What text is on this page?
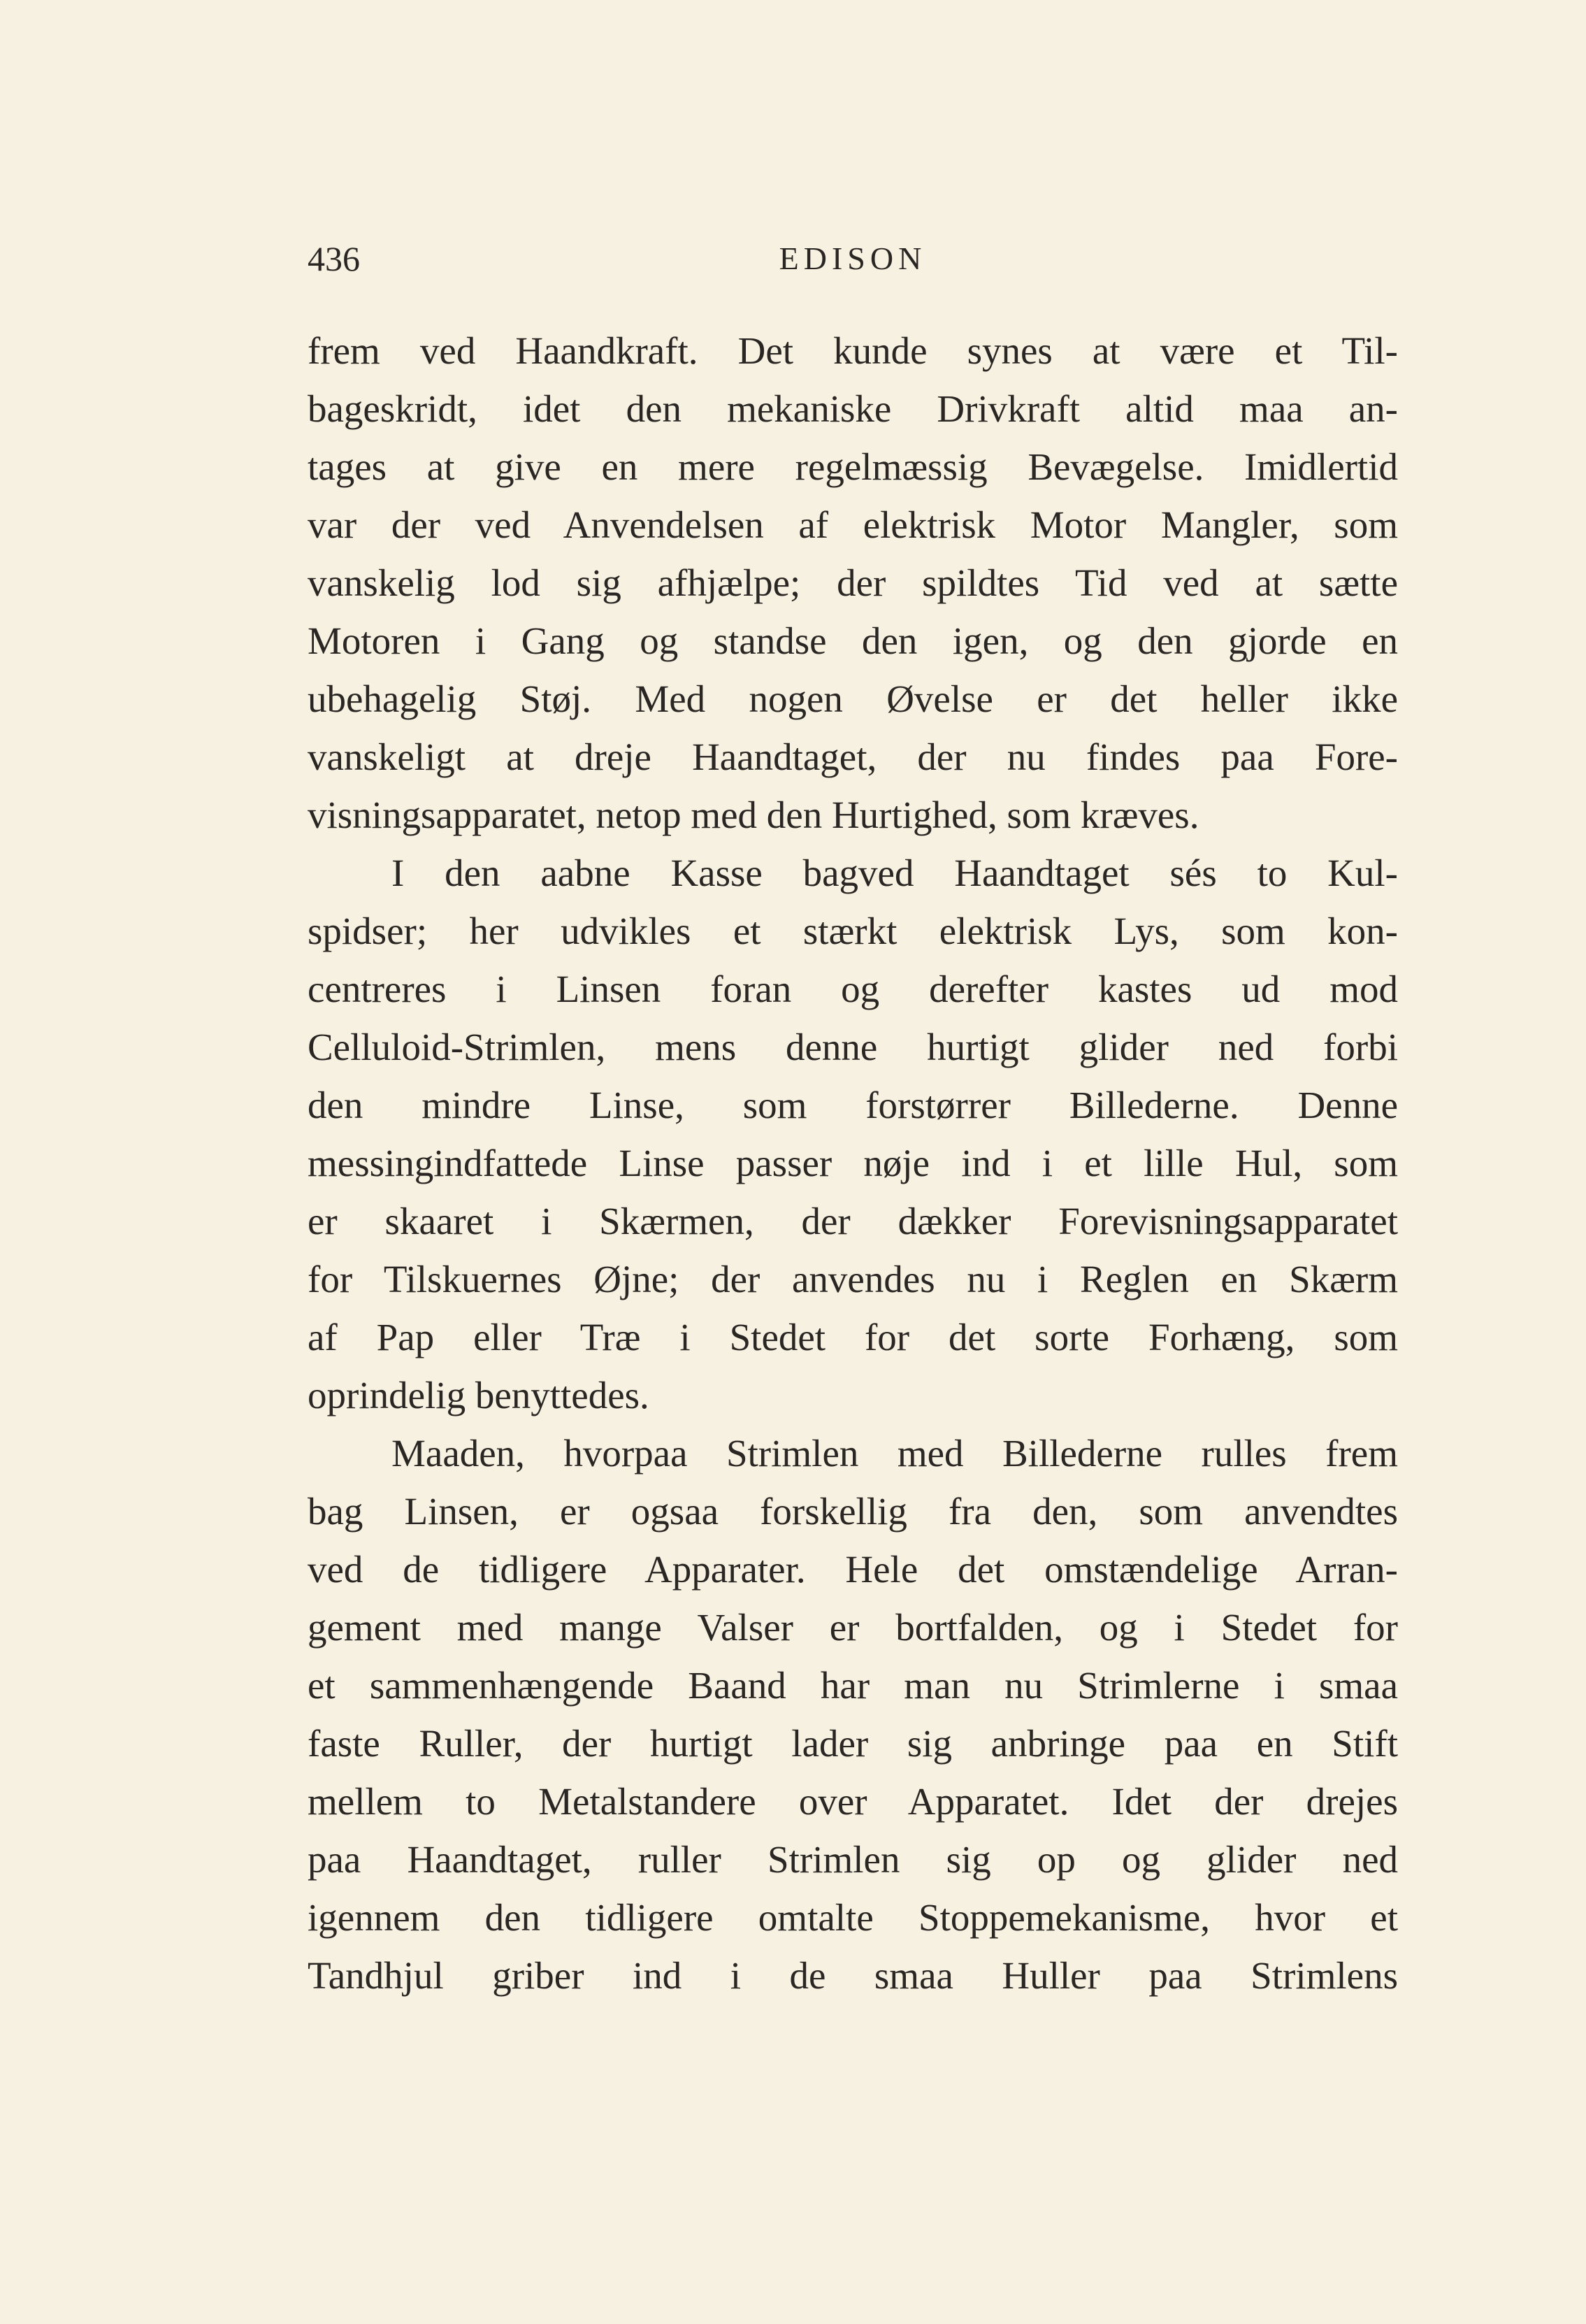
436	EDISON
frem ved Haandkraft. Det kunde synes at være et Til-
bageskridt, idet den mekaniske Drivkraft altid maa an-
tages at give en mere regelmæssig Bevægelse. Imidlertid
var der ved Anvendelsen af elektrisk Motor Mangler, som
vanskelig lod sig afhjælpe; der spildtes Tid ved at sætte
Motoren i Gang og standse den igen, og den gjorde en
ubehagelig Støj. Med nogen Øvelse er det heller ikke
vanskeligt at dreje Haandtaget, der nu findes paa Fore-
visningsapparatet, netop med den Hurtighed, som kræves.
I den aabne Kasse bagved Haandtaget sés to Kul-
spidser; her udvikles et stærkt elektrisk Lys, som kon-
centreres i Linsen foran og derefter kastes ud mod
Celluloid-Strimlen, mens denne hurtigt glider ned forbi
den mindre Linse, som forstørrer Billederne. Denne
messingindfattede Linse passer nøje ind i et lille Hul, som
er skaaret i Skærmen, der dækker Forevisningsapparatet
for Tilskuernes Øjne; der anvendes nu i Reglen en Skærm
af Pap eller Træ i Stedet for det sorte Forhæng, som
oprindelig benyttedes.
Maaden, hvorpaa Strimlen med Billederne rulles frem
bag Linsen, er ogsaa forskellig fra den, som anvendtes
ved de tidligere Apparater. Hele det omstændelige Arran-
gement med mange Valser er bortfalden, og i Stedet for
et sammenhængende Baand har man nu Strimlerne i smaa
faste Ruller, der hurtigt lader sig anbringe paa en Stift
mellem to Metalstandere over Apparatet. Idet der drejes
paa Haandtaget, ruller Strimlen sig op og glider ned
igennem den tidligere omtalte Stoppemekanisme, hvor et
Tandhjul griber ind i de smaa Huller paa Strimlens
